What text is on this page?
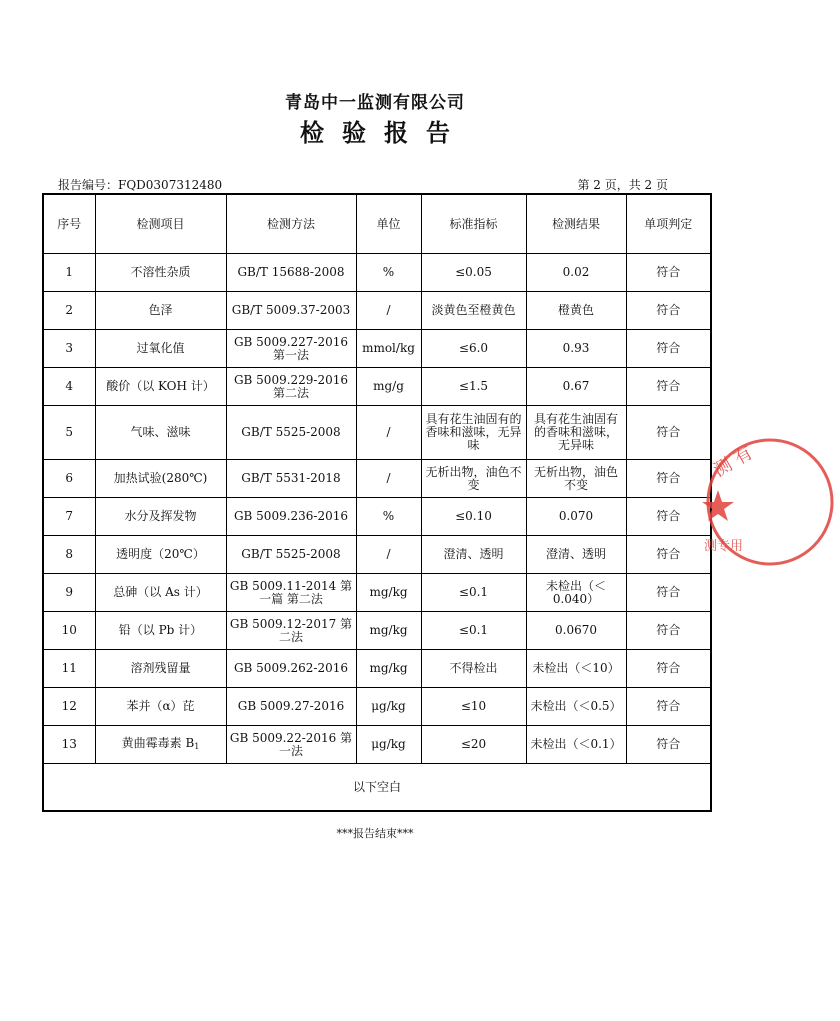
青岛中一监测有限公司
检验报告
报告编号：FQD0307312480	第 2 页，共 2 页
序号	检测项目	检测方法	单位	标准指标	检测结果	单项判定
1	不溶性杂质	GB/T 15688-2008	%	≤0.05	0.02	符合
2	色泽	GB/T 5009.37-2003	/	淡黄色至橙黄色	橙黄色	符合
3	过氧化值	GB 5009.227-2016 第一法	mmol/kg	≤6.0	0.93	符合
4	酸价（以 KOH 计）	GB 5009.229-2016 第二法	mg/g	≤1.5	0.67	符合
5	气味、滋味	GB/T 5525-2008	/	具有花生油固有的香味和滋味，无异味	具有花生油固有的香味和滋味，无异味	符合
6	加热试验(280℃)	GB/T 5531-2018	/	无析出物，油色不变	无析出物，油色不变	符合
7	水分及挥发物	GB 5009.236-2016	%	≤0.10	0.070	符合
8	透明度（20℃）	GB/T 5525-2008	/	澄清、透明	澄清、透明	符合
9	总砷（以 As 计）	GB 5009.11-2014 第一篇 第二法	mg/kg	≤0.1	未检出（＜0.040）	符合
10	铅（以 Pb 计）	GB 5009.12-2017 第二法	mg/kg	≤0.1	0.0670	符合
11	溶剂残留量	GB 5009.262-2016	mg/kg	不得检出	未检出（＜10）	符合
12	苯并（α）芘	GB 5009.27-2016	μg/kg	≤10	未检出（＜0.5）	符合
13	黄曲霉毒素 $B_1$	GB 5009.22-2016 第一法	μg/kg	≤20	未检出（＜0.1）	符合
以下空白						
***报告结束***
测 有
测专用
